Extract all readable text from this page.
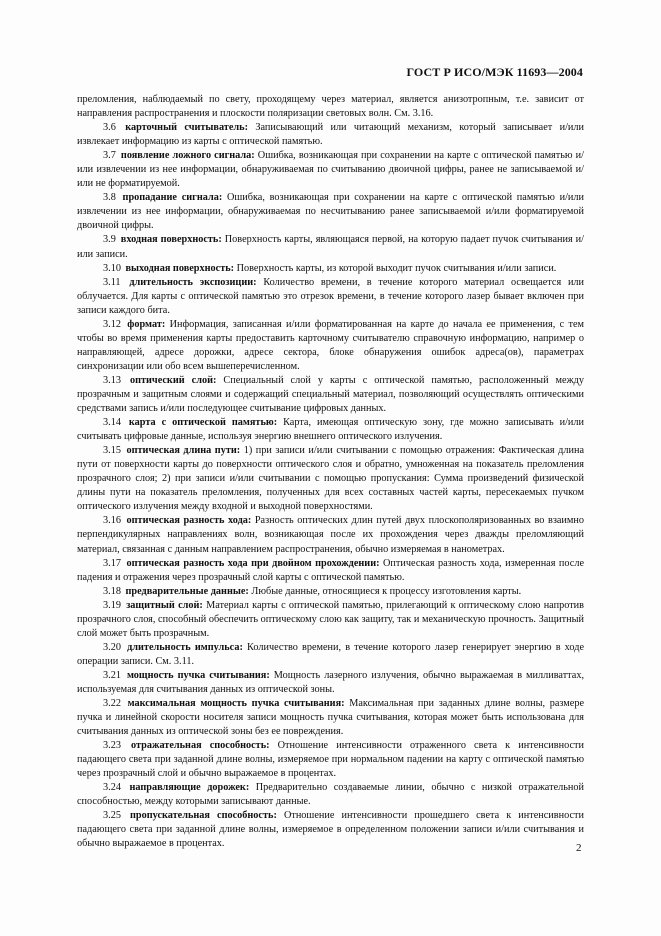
ГОСТ Р ИСО/МЭК 11693—2004

преломления, наблюдаемый по свету, проходящему через материал, является анизотропным, т.е. зависит от направления распространения и плоскости поляризации световых волн. См. 3.16.

3.6 карточный считыватель: Записывающий или читающий механизм, который записывает и/или извлекает информацию из карты с оптической памятью.

3.7 появление ложного сигнала: Ошибка, возникающая при сохранении на карте с оптической памятью и/или извлечении из нее информации, обнаруживаемая по считыванию двоичной цифры, ранее не записываемой и/или не форматируемой.

3.8 пропадание сигнала: Ошибка, возникающая при сохранении на карте с оптической памятью и/или извлечении из нее информации, обнаруживаемая по несчитыванию ранее записываемой и/или форматируемой двоичной цифры.

3.9 входная поверхность: Поверхность карты, являющаяся первой, на которую падает пучок считывания и/или записи.

3.10 выходная поверхность: Поверхность карты, из которой выходит пучок считывания и/или записи.

3.11 длительность экспозиции: Количество времени, в течение которого материал освещается или облучается. Для карты с оптической памятью это отрезок времени, в течение которого лазер бывает включен при записи каждого бита.

3.12 формат: Информация, записанная и/или форматированная на карте до начала ее применения, с тем чтобы во время применения карты предоставить карточному считывателю справочную информацию, например о направляющей, адресе дорожки, адресе сектора, блоке обнаружения ошибок адреса(ов), параметрах синхронизации или обо всем вышеперечисленном.

3.13 оптический слой: Специальный слой у карты с оптической памятью, расположенный между прозрачным и защитным слоями и содержащий специальный материал, позволяющий осуществлять оптическими средствами запись и/или последующее считывание цифровых данных.

3.14 карта с оптической памятью: Карта, имеющая оптическую зону, где можно записывать и/или считывать цифровые данные, используя энергию внешнего оптического излучения.

3.15 оптическая длина пути: 1) при записи и/или считывании с помощью отражения: Фактическая длина пути от поверхности карты до поверхности оптического слоя и обратно, умноженная на показатель преломления прозрачного слоя; 2) при записи и/или считывании с помощью пропускания: Сумма произведений физической длины пути на показатель преломления, полученных для всех составных частей карты, пересекаемых пучком оптического излучения между входной и выходной поверхностями.

3.16 оптическая разность хода: Разность оптических длин путей двух плоскополяризованных во взаимно перпендикулярных направлениях волн, возникающая после их прохождения через дважды преломляющий материал, связанная с данным направлением распространения, обычно измеряемая в нанометрах.

3.17 оптическая разность хода при двойном прохождении: Оптическая разность хода, измеренная после падения и отражения через прозрачный слой карты с оптической памятью.

3.18 предварительные данные: Любые данные, относящиеся к процессу изготовления карты.

3.19 защитный слой: Материал карты с оптической памятью, прилегающий к оптическому слою напротив прозрачного слоя, способный обеспечить оптическому слою как защиту, так и механическую прочность. Защитный слой может быть прозрачным.

3.20 длительность импульса: Количество времени, в течение которого лазер генерирует энергию в ходе операции записи. См. 3.11.

3.21 мощность пучка считывания: Мощность лазерного излучения, обычно выражаемая в милливаттах, используемая для считывания данных из оптической зоны.

3.22 максимальная мощность пучка считывания: Максимальная при заданных длине волны, размере пучка и линейной скорости носителя записи мощность пучка считывания, которая может быть использована для считывания данных из оптической зоны без ее повреждения.

3.23 отражательная способность: Отношение интенсивности отраженного света к интенсивности падающего света при заданной длине волны, измеряемое при нормальном падении на карту с оптической памятью через прозрачный слой и обычно выражаемое в процентах.

3.24 направляющие дорожек: Предварительно создаваемые линии, обычно с низкой отражательной способностью, между которыми записывают данные.

3.25 пропускательная способность: Отношение интенсивности прошедшего света к интенсивности падающего света при заданной длине волны, измеряемое в определенном положении записи и/или считывания и обычно выражаемое в процентах.	2
